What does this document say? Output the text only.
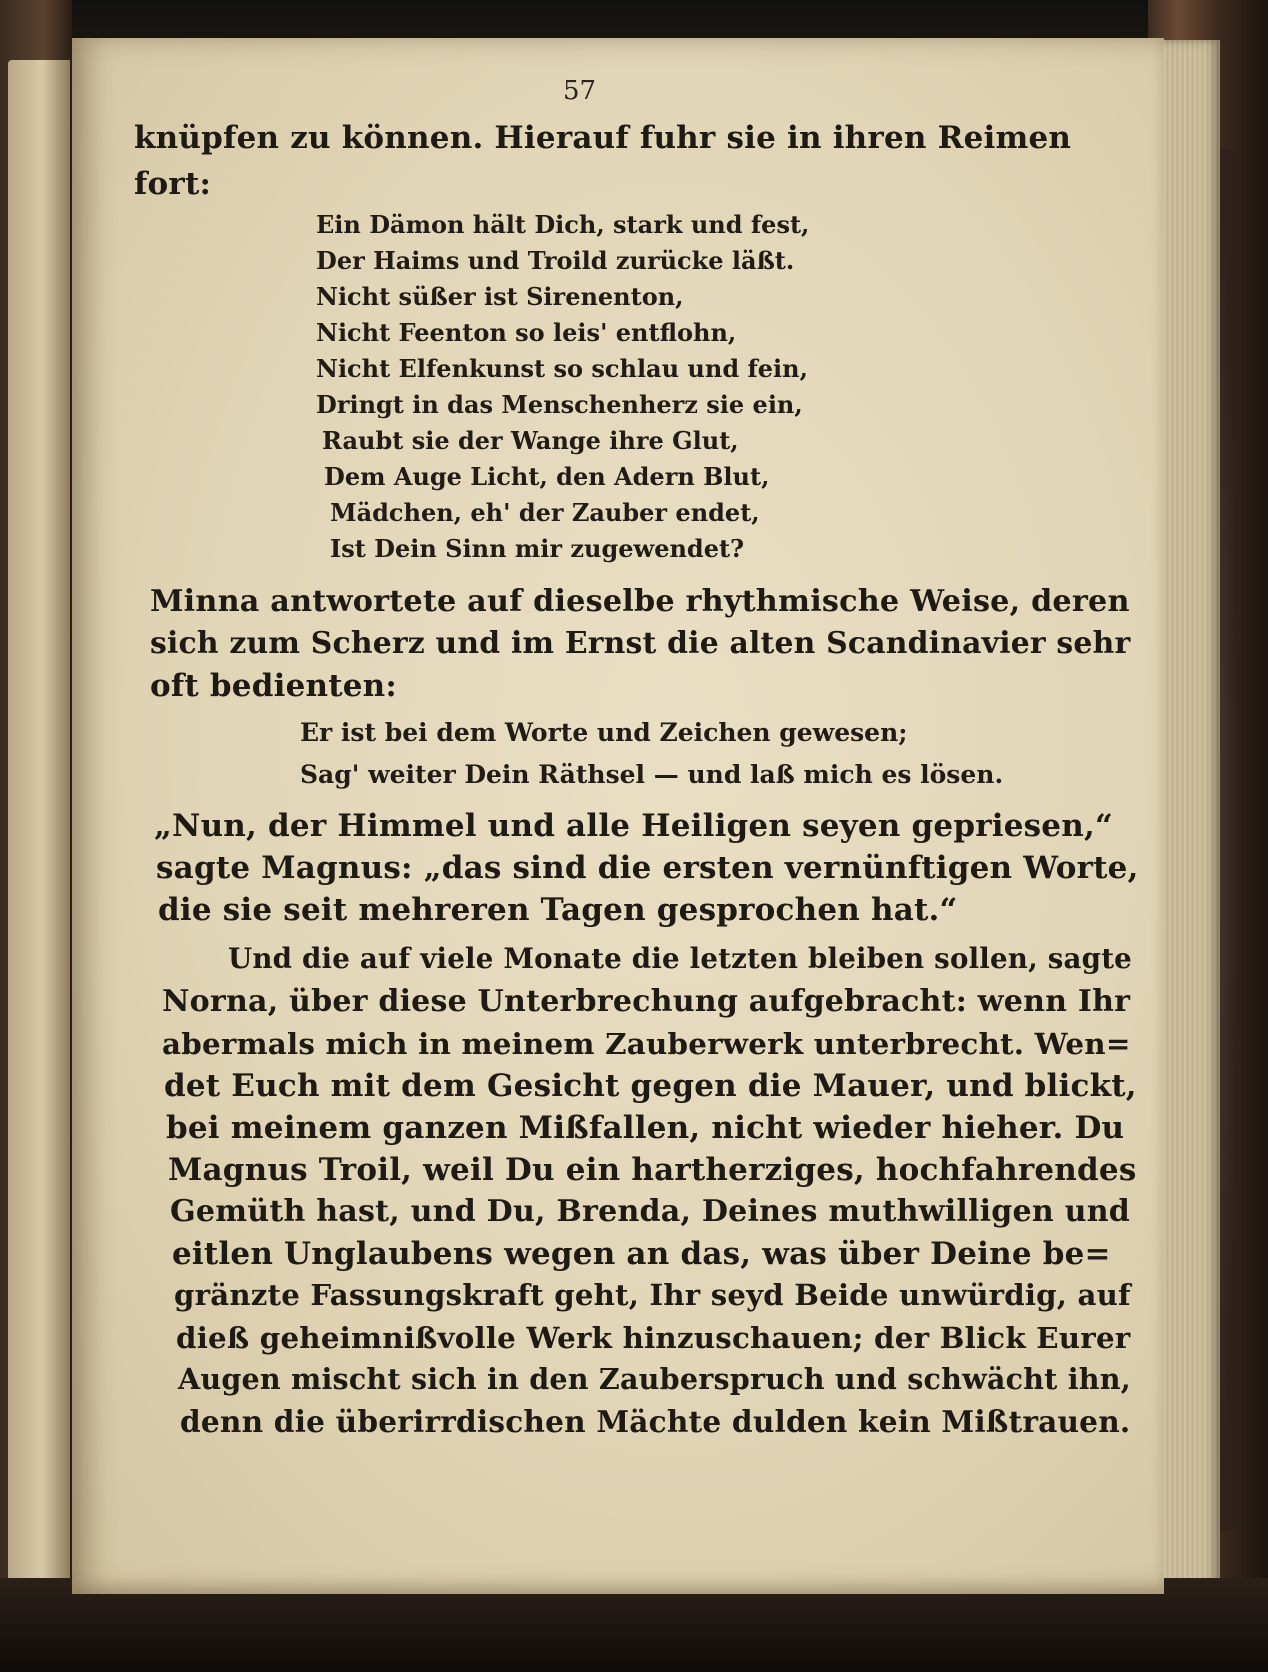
57

knüpfen zu können. Hierauf fuhr sie in ihren Reimen

fort:

Ein Dämon hält Dich, stark und fest,

Der Haims und Troild zurücke läßt.

Nicht süßer ist Sirenenton,

Nicht Feenton so leis' entflohn,

Nicht Elfenkunst so schlau und fein,

Dringt in das Menschenherz sie ein,

Raubt sie der Wange ihre Glut,

Dem Auge Licht, den Adern Blut,

Mädchen, eh' der Zauber endet,

Ist Dein Sinn mir zugewendet?

Minna antwortete auf dieselbe rhythmische Weise, deren

sich zum Scherz und im Ernst die alten Scandinavier sehr

oft bedienten:

Er ist bei dem Worte und Zeichen gewesen;

Sag' weiter Dein Räthsel — und laß mich es lösen.

„Nun, der Himmel und alle Heiligen seyen gepriesen,“

sagte Magnus: „das sind die ersten vernünftigen Worte,

die sie seit mehreren Tagen gesprochen hat.“

Und die auf viele Monate die letzten bleiben sollen, sagte

Norna, über diese Unterbrechung aufgebracht: wenn Ihr

abermals mich in meinem Zauberwerk unterbrecht. Wen=

det Euch mit dem Gesicht gegen die Mauer, und blickt,

bei meinem ganzen Mißfallen, nicht wieder hieher. Du

Magnus Troil, weil Du ein hartherziges, hochfahrendes

Gemüth hast, und Du, Brenda, Deines muthwilligen und

eitlen Unglaubens wegen an das, was über Deine be=

gränzte Fassungskraft geht, Ihr seyd Beide unwürdig, auf

dieß geheimnißvolle Werk hinzuschauen; der Blick Eurer

Augen mischt sich in den Zauberspruch und schwächt ihn,

denn die überirrdischen Mächte dulden kein Mißtrauen.
